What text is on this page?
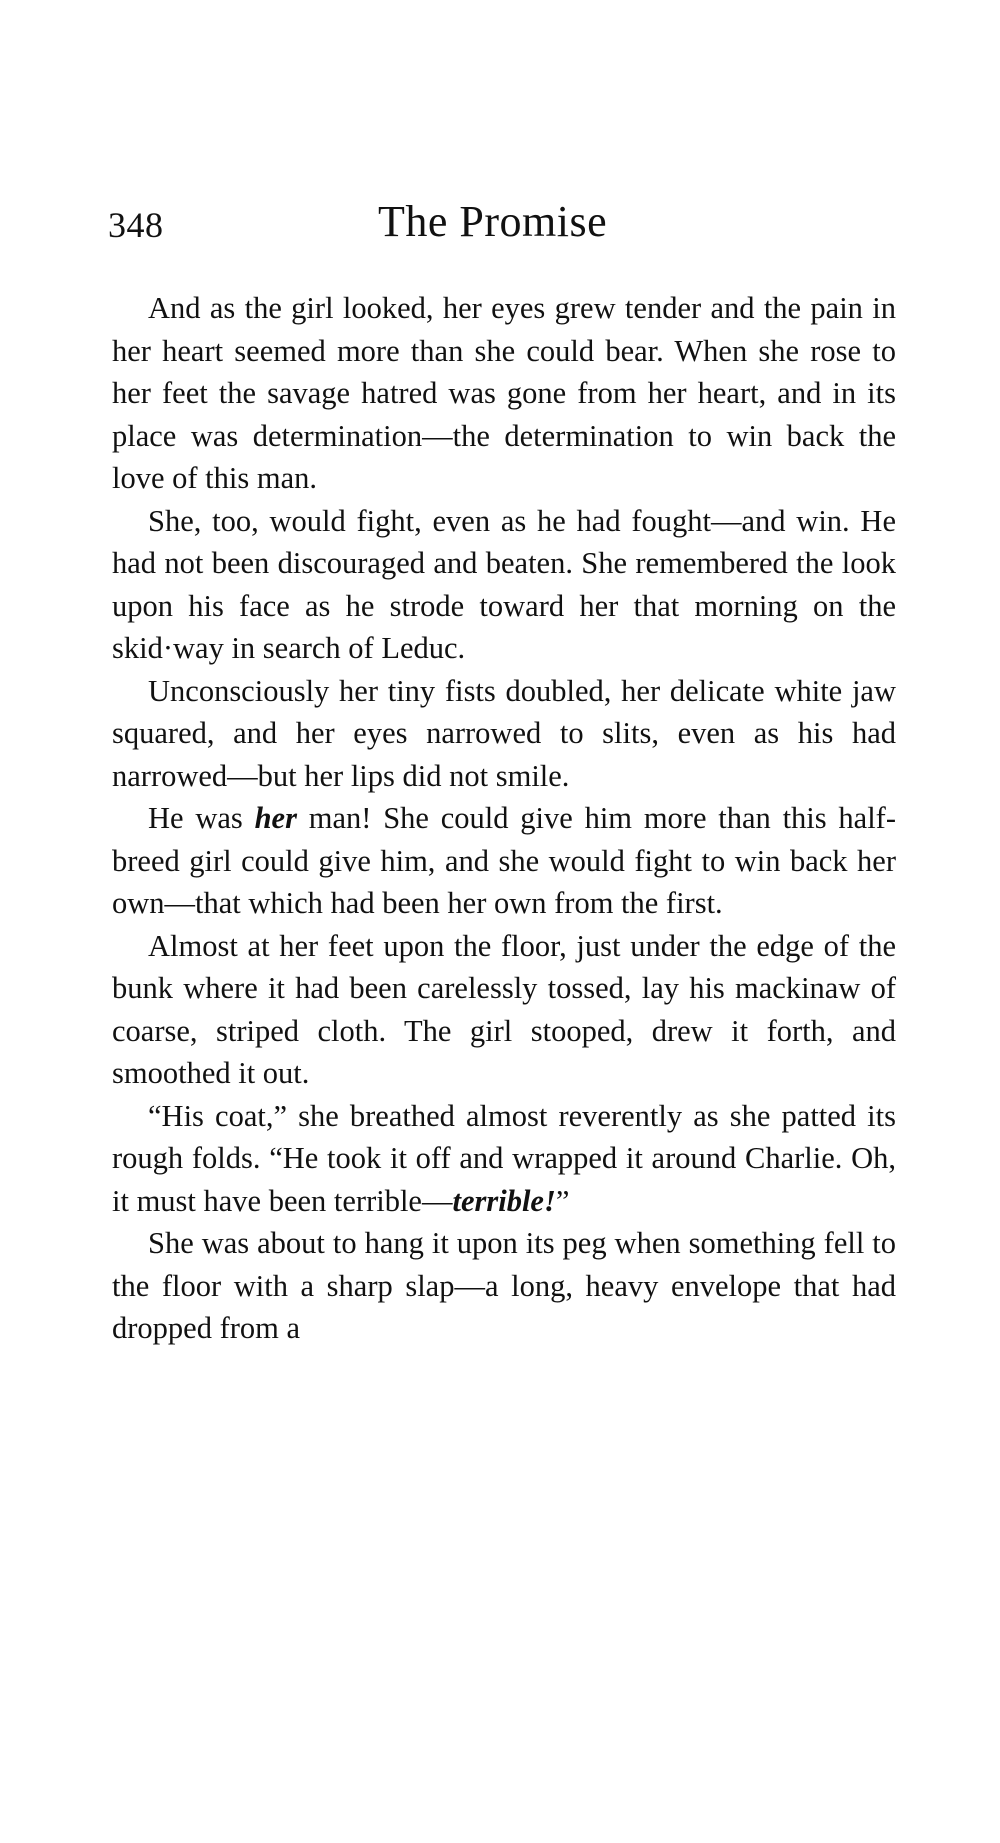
348	The Promise

And as the girl looked, her eyes grew tender and the pain in her heart seemed more than she could bear. When she rose to her feet the savage hatred was gone from her heart, and in its place was determination—the determination to win back the love of this man.

She, too, would fight, even as he had fought—and win. He had not been discouraged and beaten. She remembered the look upon his face as he strode toward her that morning on the skid·way in search of Leduc.

Unconsciously her tiny fists doubled, her delicate white jaw squared, and her eyes narrowed to slits, even as his had narrowed—but her lips did not smile.

He was her man! She could give him more than this half-breed girl could give him, and she would fight to win back her own—that which had been her own from the first.

Almost at her feet upon the floor, just under the edge of the bunk where it had been carelessly tossed, lay his mackinaw of coarse, striped cloth. The girl stooped, drew it forth, and smoothed it out.

“His coat,” she breathed almost reverently as she patted its rough folds. “He took it off and wrapped it around Charlie. Oh, it must have been terrible—terrible!”

She was about to hang it upon its peg when something fell to the floor with a sharp slap—a long, heavy envelope that had dropped from a
